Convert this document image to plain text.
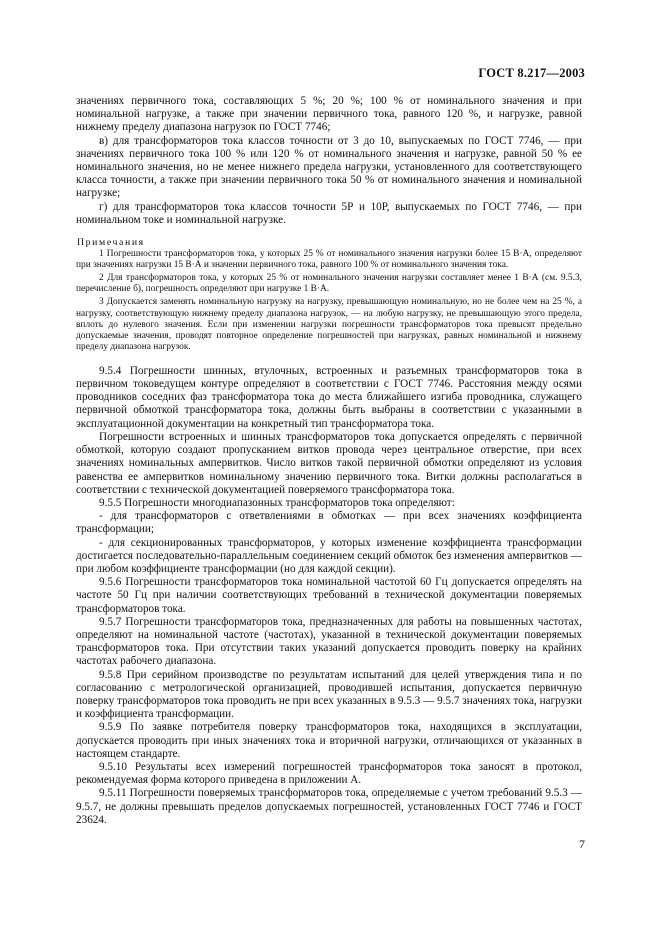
ГОСТ 8.217—2003

значениях первичного тока, составляющих 5 %; 20 %; 100 % от номинального значения и при номинальной нагрузке, а также при значении первичного тока, равного 120 %, и нагрузке, равной нижнему пределу диапазона нагрузок по ГОСТ 7746;

в) для трансформаторов тока классов точности от 3 до 10, выпускаемых по ГОСТ 7746, — при значениях первичного тока 100 % или 120 % от номинального значения и нагрузке, равной 50 % ее номинального значения, но не менее нижнего предела нагрузки, установленного для соответствующего класса точности, а также при значении первичного тока 50 % от номинального значения и номинальной нагрузке;

г) для трансформаторов тока классов точности 5Р и 10Р, выпускаемых по ГОСТ 7746, — при номинальном токе и номинальной нагрузке.

Примечания

1 Погрешности трансформаторов тока, у которых 25 % от номинального значения нагрузки более 15 В·А, определяют при значениях нагрузки 15 В·А и значении первичного тока, равного 100 % от номинального значения тока.

2 Для трансформаторов тока, у которых 25 % от номинального значения нагрузки составляет менее 1 В·А (см. 9.5.3, перечисление б), погрешность определяют при нагрузке 1 В·А.

3 Допускается заменять номинальную нагрузку на нагрузку, превышающую номинальную, но не более чем на 25 %, а нагрузку, соответствующую нижнему пределу диапазона нагрузок, — на любую нагрузку, не превышающую этого предела, вплоть до нулевого значения. Если при изменении нагрузки погрешности трансформаторов тока превысят предельно допускаемые значения, проводят повторное определение погрешностей при нагрузках, равных номинальной и нижнему пределу диапазона нагрузок.

9.5.4 Погрешности шинных, втулочных, встроенных и разъемных трансформаторов тока в первичном токоведущем контуре определяют в соответствии с ГОСТ 7746. Расстояния между осями проводников соседних фаз трансформатора тока до места ближайшего изгиба проводника, служащего первичной обмоткой трансформатора тока, должны быть выбраны в соответствии с указанными в эксплуатационной документации на конкретный тип трансформатора тока.

Погрешности встроенных и шинных трансформаторов тока допускается определять с первичной обмоткой, которую создают пропусканием витков провода через центральное отверстие, при всех значениях номинальных ампервитков. Число витков такой первичной обмотки определяют из условия равенства ее ампервитков номинальному значению первичного тока. Витки должны располагаться в соответствии с технической документацией поверяемого трансформатора тока.

9.5.5 Погрешности многодиапазонных трансформаторов тока определяют:

- для трансформаторов с ответвлениями в обмотках — при всех значениях коэффициента трансформации;

- для секционированных трансформаторов, у которых изменение коэффициента трансформации достигается последовательно-параллельным соединением секций обмоток без изменения ампервитков — при любом коэффициенте трансформации (но для каждой секции).

9.5.6 Погрешности трансформаторов тока номинальной частотой 60 Гц допускается определять на частоте 50 Гц при наличии соответствующих требований в технической документации поверяемых трансформаторов тока.

9.5.7 Погрешности трансформаторов тока, предназначенных для работы на повышенных частотах, определяют на номинальной частоте (частотах), указанной в технической документации поверяемых трансформаторов тока. При отсутствии таких указаний допускается проводить поверку на крайних частотах рабочего диапазона.

9.5.8 При серийном производстве по результатам испытаний для целей утверждения типа и по согласованию с метрологической организацией, проводившей испытания, допускается первичную поверку трансформаторов тока проводить не при всех указанных в 9.5.3 — 9.5.7 значениях тока, нагрузки и коэффициента трансформации.

9.5.9 По заявке потребителя поверку трансформаторов тока, находящихся в эксплуатации, допускается проводить при иных значениях тока и вторичной нагрузки, отличающихся от указанных в настоящем стандарте.

9.5.10 Результаты всех измерений погрешностей трансформаторов тока заносят в протокол, рекомендуемая форма которого приведена в приложении А.

9.5.11 Погрешности поверяемых трансформаторов тока, определяемые с учетом требований 9.5.3 — 9.5.7, не должны превышать пределов допускаемых погрешностей, установленных ГОСТ 7746 и ГОСТ 23624.

7
